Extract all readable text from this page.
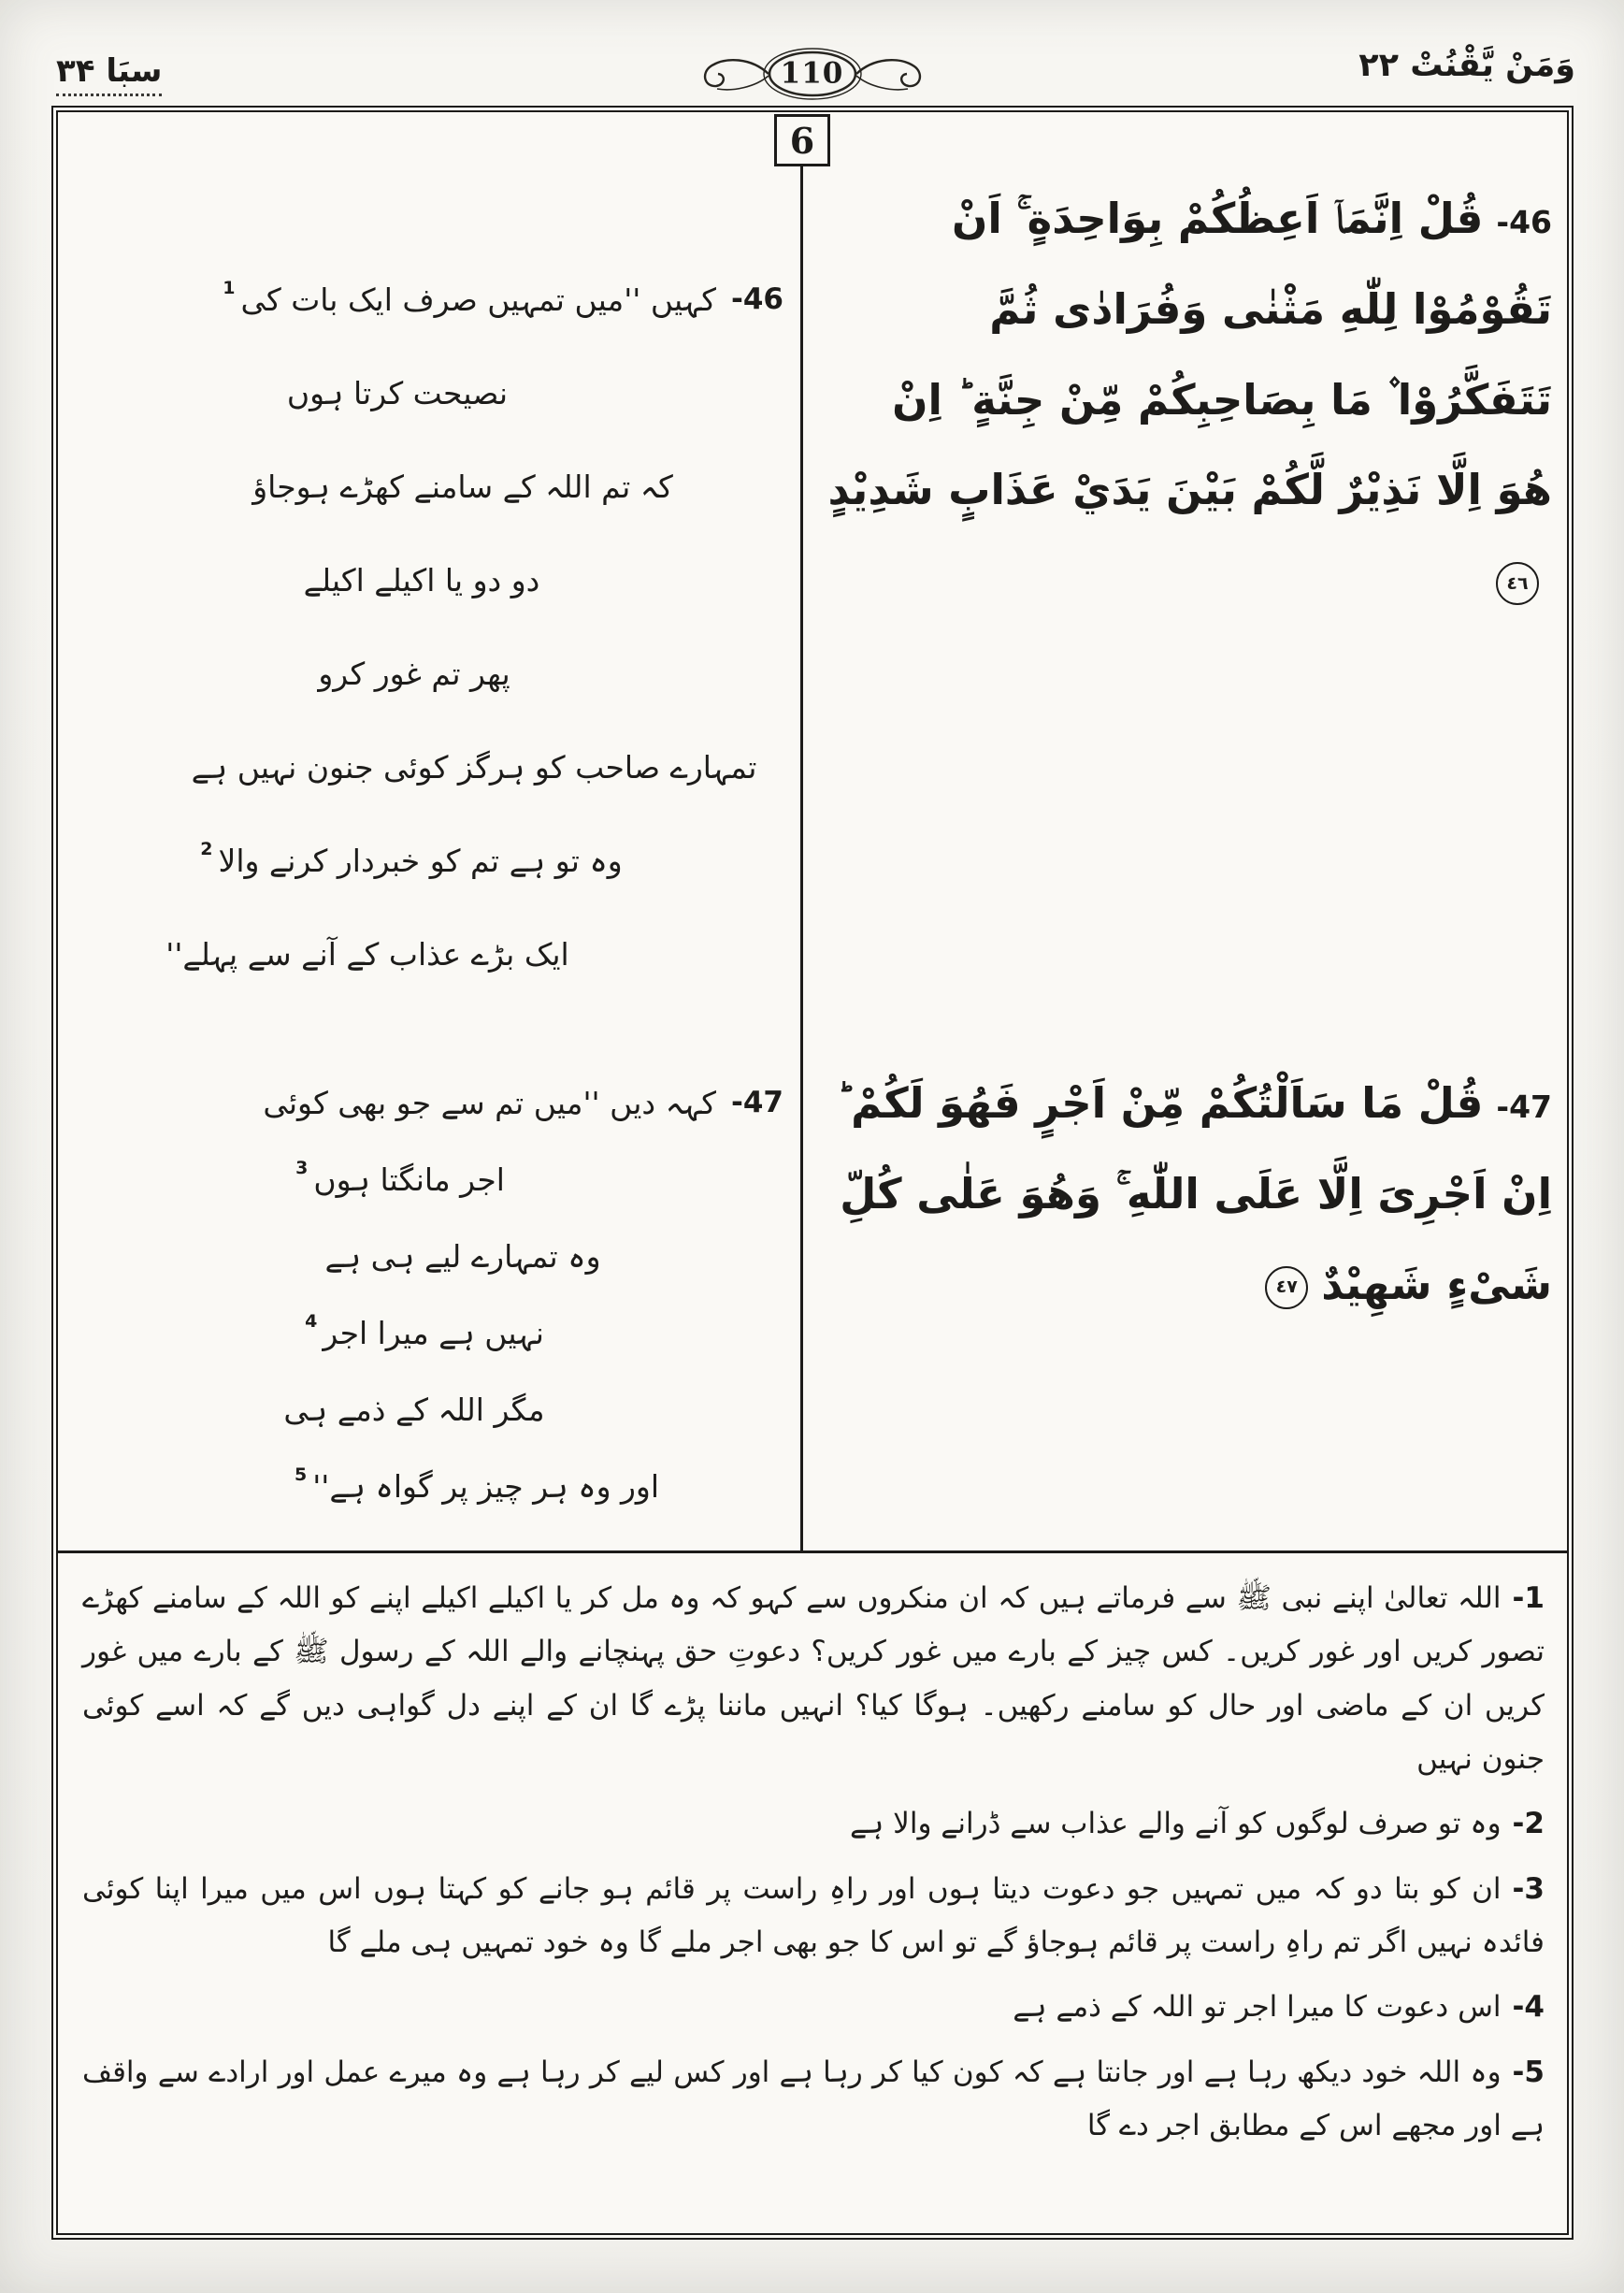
سبَا ۳۴	110	وَمَنْ يَّقْنُتْ ۲۲
6
46-قُلْ اِنَّمَاۤ اَعِظُكُمْ بِوَاحِدَةٍ ۚ اَنْ تَقُوْمُوْا لِلّٰهِ مَثْنٰى وَفُرَادٰى ثُمَّ تَتَفَكَّرُوْا ۫ مَا بِصَاحِبِكُمْ مِّنْ جِنَّةٍ ؕ اِنْ هُوَ اِلَّا نَذِيْرٌ لَّكُمْ بَيْنَ يَدَيْ عَذَابٍ شَدِيْدٍ٤٦
46-
کہیں ''میں تمہیں صرف ایک بات کی
1
نصیحت کرتا ہوں
کہ تم اللہ کے سامنے کھڑے ہوجاؤ
دو دو یا اکیلے اکیلے
پھر تم غور کرو
تمہارے صاحب کو ہرگز کوئی جنون نہیں ہے
وہ تو ہے تم کو خبردار کرنے والا
2
ایک بڑے عذاب کے آنے سے پہلے''
47-قُلْ مَا سَاَلْتُكُمْ مِّنْ اَجْرٍ فَهُوَ لَكُمْ ؕ اِنْ اَجْرِیَ اِلَّا عَلَى اللّٰهِ ۚ وَهُوَ عَلٰى كُلِّ شَیْءٍ شَهِيْدٌ٤٧
47-
کہہ دیں ''میں تم سے جو بھی کوئی
اجر مانگتا ہوں
3
وہ تمہارے لیے ہی ہے
نہیں ہے میرا اجر
4
مگر اللہ کے ذمے ہی
اور وہ ہر چیز پر گواہ ہے''
5
1-اللہ تعالیٰ اپنے نبی ﷺ سے فرماتے ہیں کہ ان منکروں سے کہو کہ وہ مل کر یا اکیلے اکیلے اپنے کو اللہ کے سامنے کھڑے تصور کریں اور غور کریں۔ کس چیز کے بارے میں غور کریں؟ دعوتِ حق پہنچانے والے اللہ کے رسول ﷺ کے بارے میں غور کریں ان کے ماضی اور حال کو سامنے رکھیں۔ ہوگا کیا؟ انہیں ماننا پڑے گا ان کے اپنے دل گواہی دیں گے کہ اسے کوئی جنون نہیں
2-وہ تو صرف لوگوں کو آنے والے عذاب سے ڈرانے والا ہے
3-ان کو بتا دو کہ میں تمہیں جو دعوت دیتا ہوں اور راہِ راست پر قائم ہو جانے کو کہتا ہوں اس میں میرا اپنا کوئی فائدہ نہیں اگر تم راہِ راست پر قائم ہوجاؤ گے تو اس کا جو بھی اجر ملے گا وہ خود تمہیں ہی ملے گا
4-اس دعوت کا میرا اجر تو اللہ کے ذمے ہے
5-وہ اللہ خود دیکھ رہا ہے اور جانتا ہے کہ کون کیا کر رہا ہے اور کس لیے کر رہا ہے وہ میرے عمل اور ارادے سے واقف ہے اور مجھے اس کے مطابق اجر دے گا
